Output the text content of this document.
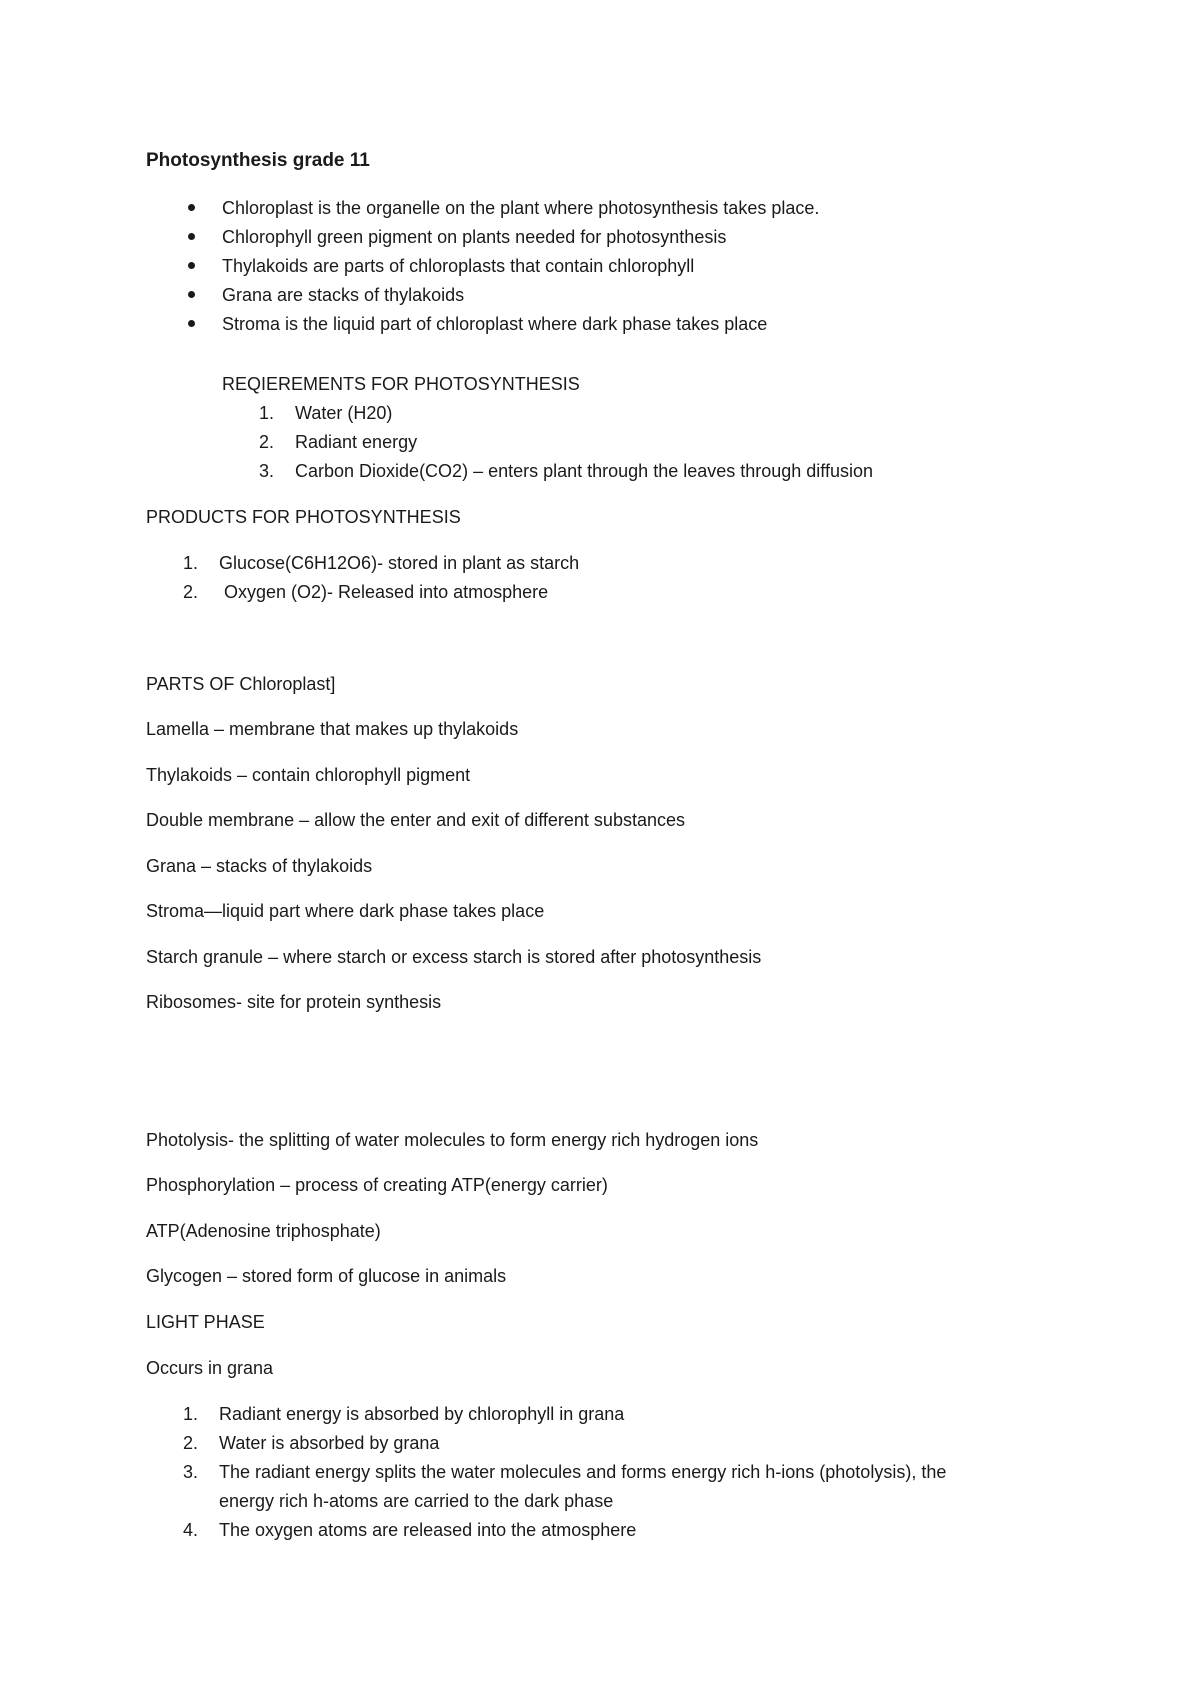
Photosynthesis grade 11
Chloroplast is the organelle on the plant where photosynthesis takes place.
Chlorophyll green pigment on plants needed for photosynthesis
Thylakoids are parts of chloroplasts that contain chlorophyll
Grana are stacks of thylakoids
Stroma is the liquid part of chloroplast where dark phase takes place
REQIEREMENTS FOR PHOTOSYNTHESIS
1. Water (H20)
2. Radiant energy
3. Carbon Dioxide(CO2) – enters plant through the leaves through diffusion
PRODUCTS FOR PHOTOSYNTHESIS
1. Glucose(C6H12O6)- stored in plant as starch
2. Oxygen (O2)- Released into atmosphere
PARTS OF Chloroplast]
Lamella – membrane that makes up thylakoids
Thylakoids – contain chlorophyll pigment
Double membrane – allow the enter and exit of different substances
Grana – stacks of thylakoids
Stroma—liquid part where dark phase takes place
Starch granule – where starch or excess starch is stored after photosynthesis
Ribosomes- site for protein synthesis
Photolysis- the splitting of water molecules to form energy rich hydrogen ions
Phosphorylation – process of creating ATP(energy carrier)
ATP(Adenosine triphosphate)
Glycogen – stored form of glucose in animals
LIGHT PHASE
Occurs in grana
1. Radiant energy is absorbed by chlorophyll in grana
2. Water is absorbed by grana
3. The radiant energy splits the water molecules and forms energy rich h-ions (photolysis), the
energy rich h-atoms are carried to the dark phase
4. The oxygen atoms are released into the atmosphere
